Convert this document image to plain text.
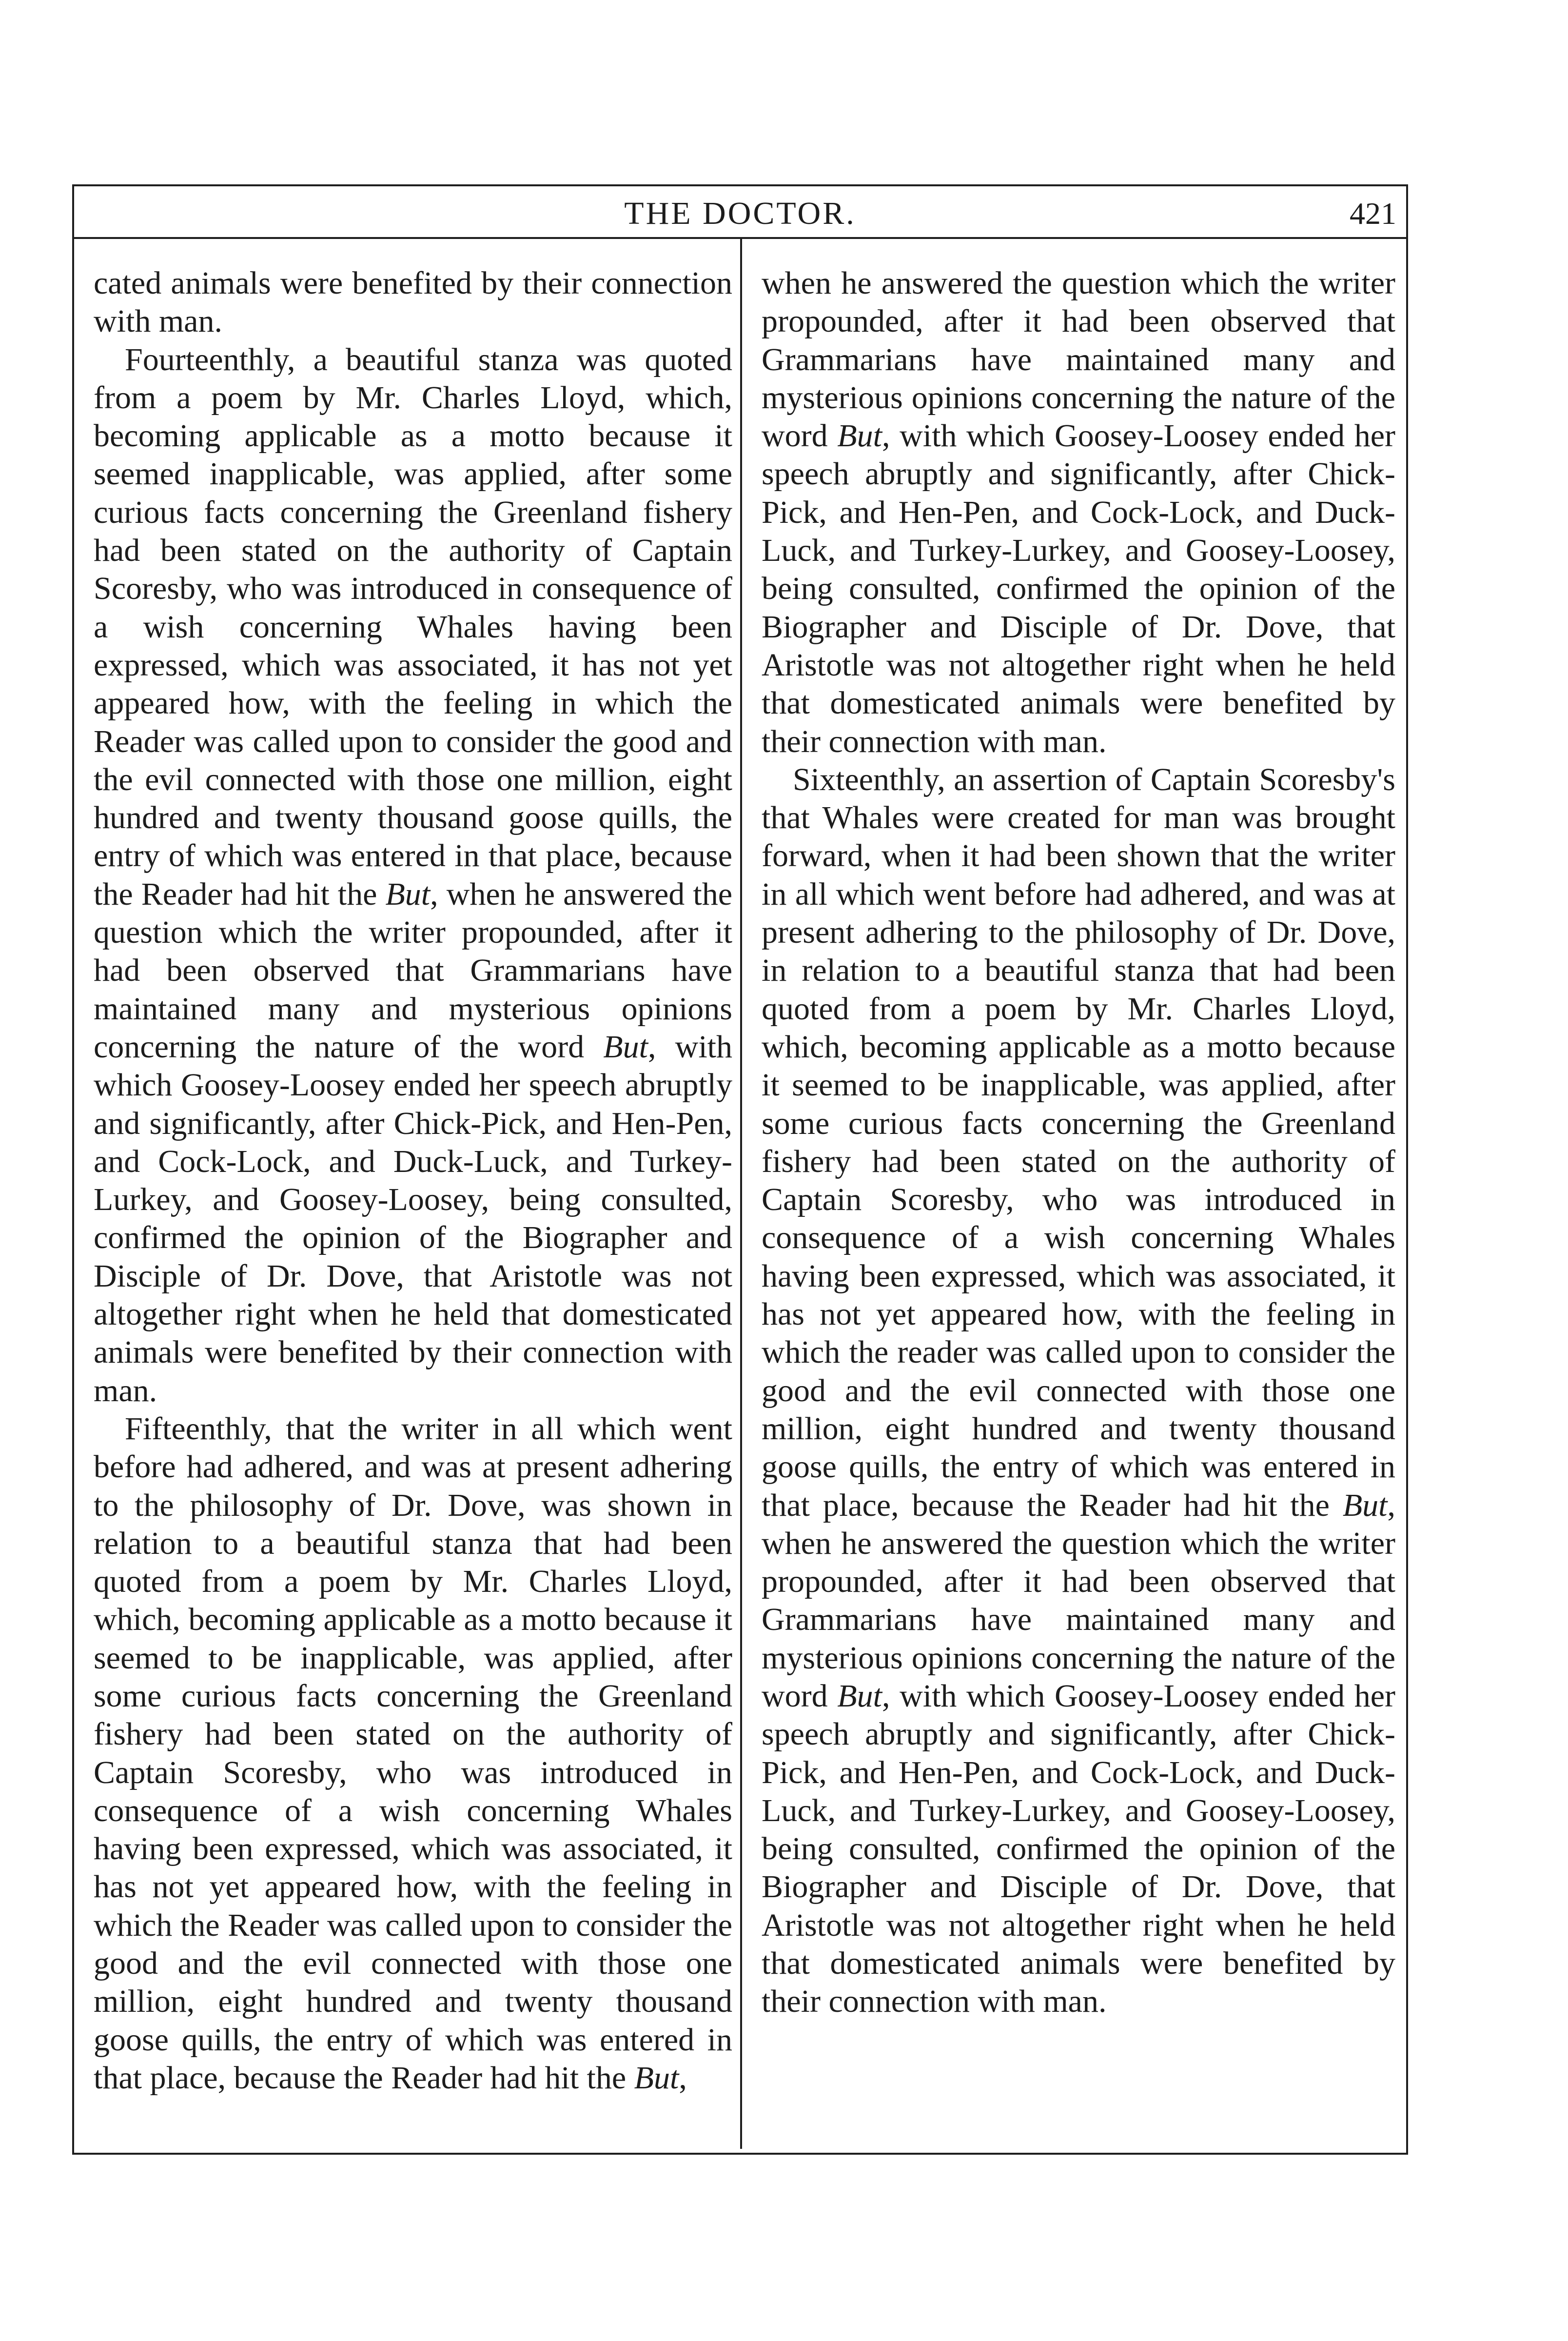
THE DOCTOR.	421

cated animals were benefited by their connection with man.

Fourteenthly, a beautiful stanza was quoted from a poem by Mr. Charles Lloyd, which, becoming applicable as a motto because it seemed inapplicable, was applied, after some curious facts concerning the Greenland fishery had been stated on the authority of Captain Scoresby, who was introduced in consequence of a wish concerning Whales having been expressed, which was associated, it has not yet appeared how, with the feeling in which the Reader was called upon to consider the good and the evil connected with those one million, eight hundred and twenty thousand goose quills, the entry of which was entered in that place, because the Reader had hit the But, when he answered the question which the writer propounded, after it had been observed that Grammarians have maintained many and mysterious opinions concerning the nature of the word But, with which Goosey-Loosey ended her speech abruptly and significantly, after Chick-Pick, and Hen-Pen, and Cock-Lock, and Duck-Luck, and Turkey-Lurkey, and Goosey-Loosey, being consulted, confirmed the opinion of the Biographer and Disciple of Dr. Dove, that Aristotle was not altogether right when he held that domesticated animals were benefited by their connection with man.

Fifteenthly, that the writer in all which went before had adhered, and was at present adhering to the philosophy of Dr. Dove, was shown in relation to a beautiful stanza that had been quoted from a poem by Mr. Charles Lloyd, which, becoming applicable as a motto because it seemed to be inapplicable, was applied, after some curious facts concerning the Greenland fishery had been stated on the authority of Captain Scoresby, who was introduced in consequence of a wish concerning Whales having been expressed, which was associated, it has not yet appeared how, with the feeling in which the Reader was called upon to consider the good and the evil connected with those one million, eight hundred and twenty thousand goose quills, the entry of which was entered in that place, because the Reader had hit the But,

when he answered the question which the writer propounded, after it had been observed that Grammarians have maintained many and mysterious opinions concerning the nature of the word But, with which Goosey-Loosey ended her speech abruptly and significantly, after Chick-Pick, and Hen-Pen, and Cock-Lock, and Duck-Luck, and Turkey-Lurkey, and Goosey-Loosey, being consulted, confirmed the opinion of the Biographer and Disciple of Dr. Dove, that Aristotle was not altogether right when he held that domesticated animals were benefited by their connection with man.

Sixteenthly, an assertion of Captain Scoresby's that Whales were created for man was brought forward, when it had been shown that the writer in all which went before had adhered, and was at present adhering to the philosophy of Dr. Dove, in relation to a beautiful stanza that had been quoted from a poem by Mr. Charles Lloyd, which, becoming applicable as a motto because it seemed to be inapplicable, was applied, after some curious facts concerning the Greenland fishery had been stated on the authority of Captain Scoresby, who was introduced in consequence of a wish concerning Whales having been expressed, which was associated, it has not yet appeared how, with the feeling in which the reader was called upon to consider the good and the evil connected with those one million, eight hundred and twenty thousand goose quills, the entry of which was entered in that place, because the Reader had hit the But, when he answered the question which the writer propounded, after it had been observed that Grammarians have maintained many and mysterious opinions concerning the nature of the word But, with which Goosey-Loosey ended her speech abruptly and significantly, after Chick-Pick, and Hen-Pen, and Cock-Lock, and Duck-Luck, and Turkey-Lurkey, and Goosey-Loosey, being consulted, confirmed the opinion of the Biographer and Disciple of Dr. Dove, that Aristotle was not altogether right when he held that domesticated animals were benefited by their connection with man.
